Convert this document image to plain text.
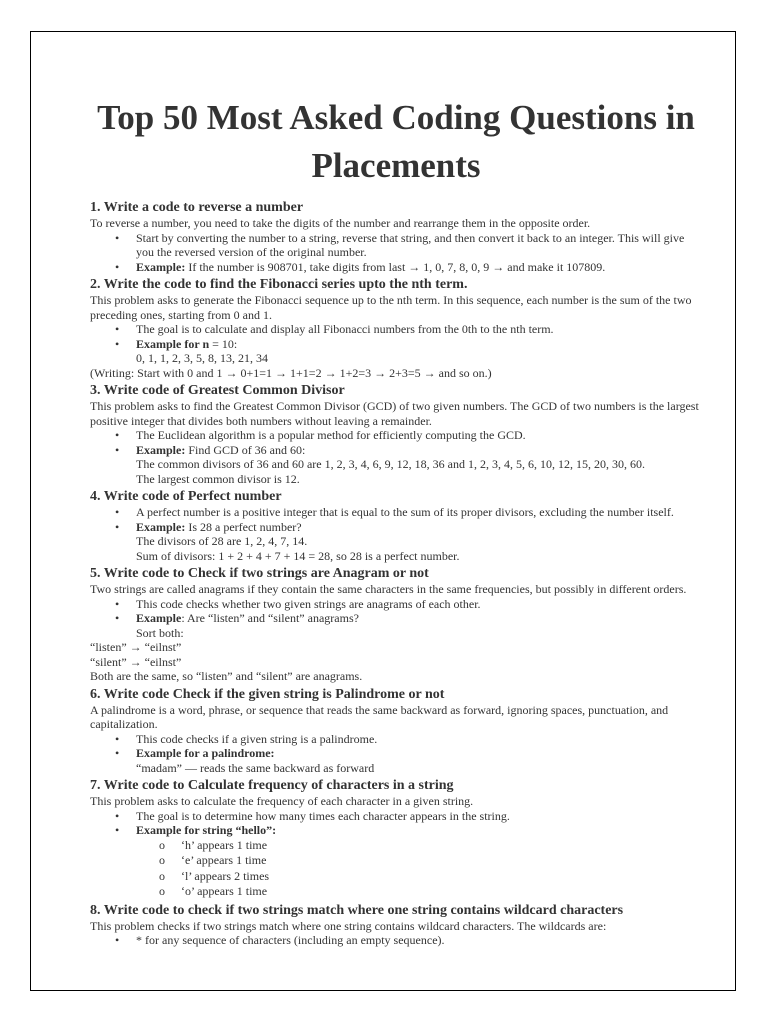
Top 50 Most Asked Coding Questions in Placements

1. Write a code to reverse a number

To reverse a number, you need to take the digits of the number and rearrange them in the opposite order.

• Start by converting the number to a string, reverse that string, and then convert it back to an integer. This will give you the reversed version of the original number.
• Example: If the number is 908701, take digits from last → 1, 0, 7, 8, 0, 9 → and make it 107809.

2. Write the code to find the Fibonacci series upto the nth term.

This problem asks to generate the Fibonacci sequence up to the nth term. In this sequence, each number is the sum of the two preceding ones, starting from 0 and 1.

• The goal is to calculate and display all Fibonacci numbers from the 0th to the nth term.
• Example for n = 10:
0, 1, 1, 2, 3, 5, 8, 13, 21, 34

(Writing: Start with 0 and 1 → 0+1=1 → 1+1=2 → 1+2=3 → 2+3=5 → and so on.)

3. Write code of Greatest Common Divisor

This problem asks to find the Greatest Common Divisor (GCD) of two given numbers. The GCD of two numbers is the largest positive integer that divides both numbers without leaving a remainder.

• The Euclidean algorithm is a popular method for efficiently computing the GCD.
• Example: Find GCD of 36 and 60:
The common divisors of 36 and 60 are 1, 2, 3, 4, 6, 9, 12, 18, 36 and 1, 2, 3, 4, 5, 6, 10, 12, 15, 20, 30, 60.
The largest common divisor is 12.

4. Write code of Perfect number

• A perfect number is a positive integer that is equal to the sum of its proper divisors, excluding the number itself.
• Example: Is 28 a perfect number?
The divisors of 28 are 1, 2, 4, 7, 14.
Sum of divisors: 1 + 2 + 4 + 7 + 14 = 28, so 28 is a perfect number.

5. Write code to Check if two strings are Anagram or not

Two strings are called anagrams if they contain the same characters in the same frequencies, but possibly in different orders.

• This code checks whether two given strings are anagrams of each other.
• Example: Are “listen” and “silent” anagrams?
Sort both:

“listen” → “eilnst”

“silent” → “eilnst”

Both are the same, so “listen” and “silent” are anagrams.

6. Write code Check if the given string is Palindrome or not

A palindrome is a word, phrase, or sequence that reads the same backward as forward, ignoring spaces, punctuation, and capitalization.

• This code checks if a given string is a palindrome.
• Example for a palindrome:
“madam” — reads the same backward as forward

7. Write code to Calculate frequency of characters in a string

This problem asks to calculate the frequency of each character in a given string.

• The goal is to determine how many times each character appears in the string.
• Example for string “hello”:
o ‘h’ appears 1 time
o ‘e’ appears 1 time
o ‘l’ appears 2 times
o ‘o’ appears 1 time

8. Write code to check if two strings match where one string contains wildcard characters

This problem checks if two strings match where one string contains wildcard characters. The wildcards are:

• * for any sequence of characters (including an empty sequence).
